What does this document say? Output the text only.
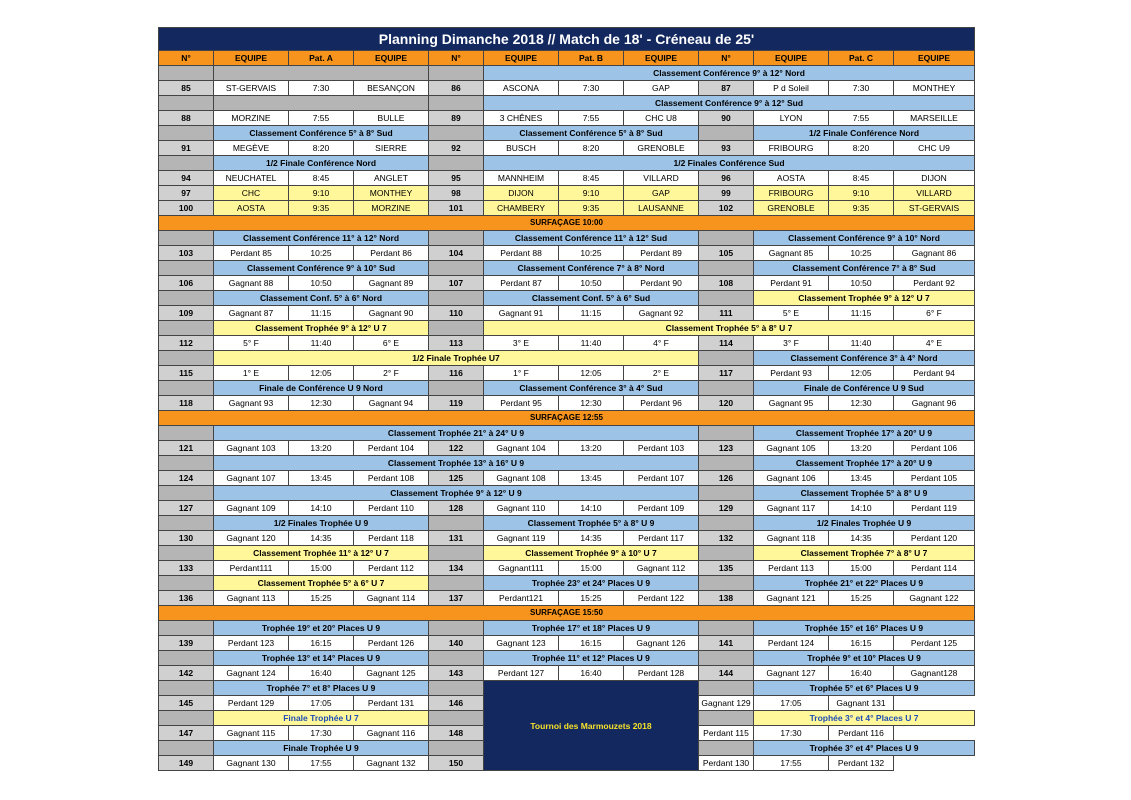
Planning Dimanche 2018 // Match de 18' - Créneau de 25'											
N°	EQUIPE	Pat. A	EQUIPE	N°	EQUIPE	Pat. B	EQUIPE	N°	EQUIPE	Pat. C	EQUIPE
					Classement Conférence 9° à 12° Nord						
85	ST-GERVAIS	7:30	BESANÇON	86	ASCONA	7:30	GAP	87	P d Soleil	7:30	MONTHEY
					Classement Conférence 9° à 12° Sud						
88	MORZINE	7:55	BULLE	89	3 CHÊNES	7:55	CHC U8	90	LYON	7:55	MARSEILLE
	Classement Conférence 5° à 8° Sud				Classement Conférence 5° à 8° Sud				1/2 Finale Conférence Nord		
91	MEGÈVE	8:20	SIERRE	92	BUSCH	8:20	GRENOBLE	93	FRIBOURG	8:20	CHC U9
	1/2 Finale Conférence Nord				1/2 Finales Conférence Sud						
94	NEUCHATEL	8:45	ANGLET	95	MANNHEIM	8:45	VILLARD	96	AOSTA	8:45	DIJON
97	CHC	9:10	MONTHEY	98	DIJON	9:10	GAP	99	FRIBOURG	9:10	VILLARD
100	AOSTA	9:35	MORZINE	101	CHAMBERY	9:35	LAUSANNE	102	GRENOBLE	9:35	ST-GERVAIS
SURFAÇAGE 10:00											
	Classement Conférence 11° à 12° Nord				Classement Conférence 11° à 12° Sud				Classement Conférence 9° à 10° Nord		
103	Perdant 85	10:25	Perdant 86	104	Perdant 88	10:25	Perdant 89	105	Gagnant 85	10:25	Gagnant 86
	Classement Conférence 9° à 10° Sud				Classement Conférence 7° à 8° Nord				Classement Conférence 7° à 8° Sud		
106	Gagnant 88	10:50	Gagnant 89	107	Perdant 87	10:50	Perdant 90	108	Perdant 91	10:50	Perdant 92
	Classement Conf. 5° à 6° Nord				Classement Conf. 5° à 6° Sud				Classement Trophée 9° à 12° U 7		
109	Gagnant 87	11:15	Gagnant 90	110	Gagnant 91	11:15	Gagnant 92	111	5° E	11:15	6° F
	Classement Trophée 9° à 12° U 7				Classement Trophée 5° à 8° U 7						
112	5° F	11:40	6° E	113	3° E	11:40	4° F	114	3° F	11:40	4° E
	1/2 Finale Trophée U7								Classement Conférence 3° à 4° Nord		
115	1° E	12:05	2° F	116	1° F	12:05	2° E	117	Perdant 93	12:05	Perdant 94
	Finale de Conférence U 9 Nord				Classement Conférence 3° à 4° Sud				Finale de Conférence U 9 Sud		
118	Gagnant 93	12:30	Gagnant 94	119	Perdant 95	12:30	Perdant 96	120	Gagnant 95	12:30	Gagnant 96
SURFAÇAGE 12:55											
	Classement Trophée 21° à 24° U 9								Classement Trophée 17° à 20° U 9		
121	Gagnant 103	13:20	Perdant 104	122	Gagnant 104	13:20	Perdant 103	123	Gagnant 105	13:20	Perdant 106
	Classement Trophée 13° à 16° U 9								Classement Trophée 17° à 20° U 9		
124	Gagnant 107	13:45	Perdant 108	125	Gagnant 108	13:45	Perdant 107	126	Gagnant 106	13:45	Perdant 105
	Classement Trophée 9° à 12° U 9								Classement Trophée 5° à 8° U 9		
127	Gagnant 109	14:10	Perdant 110	128	Gagnant 110	14:10	Perdant 109	129	Gagnant 117	14:10	Perdant 119
	1/2 Finales Trophée U 9				Classement Trophée 5° à 8° U 9				1/2 Finales Trophée U 9		
130	Gagnant 120	14:35	Perdant 118	131	Gagnant 119	14:35	Perdant 117	132	Gagnant 118	14:35	Perdant 120
	Classement Trophée 11° à 12° U 7				Classement Trophée 9° à 10° U 7				Classement Trophée 7° à 8° U 7		
133	Perdant111	15:00	Perdant 112	134	Gagnant111	15:00	Gagnant 112	135	Perdant 113	15:00	Perdant 114
	Classement Trophée 5° à 6° U 7				Trophée 23° et 24° Places U 9				Trophée 21° et 22° Places U 9		
136	Gagnant 113	15:25	Gagnant 114	137	Perdant121	15:25	Perdant 122	138	Gagnant 121	15:25	Gagnant 122
SURFAÇAGE 15:50											
	Trophée 19° et 20° Places U 9				Trophée 17° et 18° Places U 9				Trophée 15° et 16° Places U 9		
139	Perdant 123	16:15	Perdant 126	140	Gagnant 123	16:15	Gagnant 126	141	Perdant 124	16:15	Perdant 125
	Trophée 13° et 14° Places U 9				Trophée 11° et 12° Places U 9				Trophée 9° et 10° Places U 9		
142	Gagnant 124	16:40	Gagnant 125	143	Perdant 127	16:40	Perdant 128	144	Gagnant 127	16:40	Gagnant128
	Trophée 7° et 8° Places U 9				Tournoi des Marmouzets 2018				Trophée 5° et 6° Places U 9		
145	Perdant 129	17:05	Perdant 131	146				Gagnant 129	17:05	Gagnant 131	
	Finale Trophée U 7								Trophée 3° et 4° Places U 7		
147	Gagnant 115	17:30	Gagnant 116	148				Perdant 115	17:30	Perdant 116	
	Finale Trophée U 9								Trophée 3° et 4° Places U 9		
149	Gagnant 130	17:55	Gagnant 132	150				Perdant 130	17:55	Perdant 132	
